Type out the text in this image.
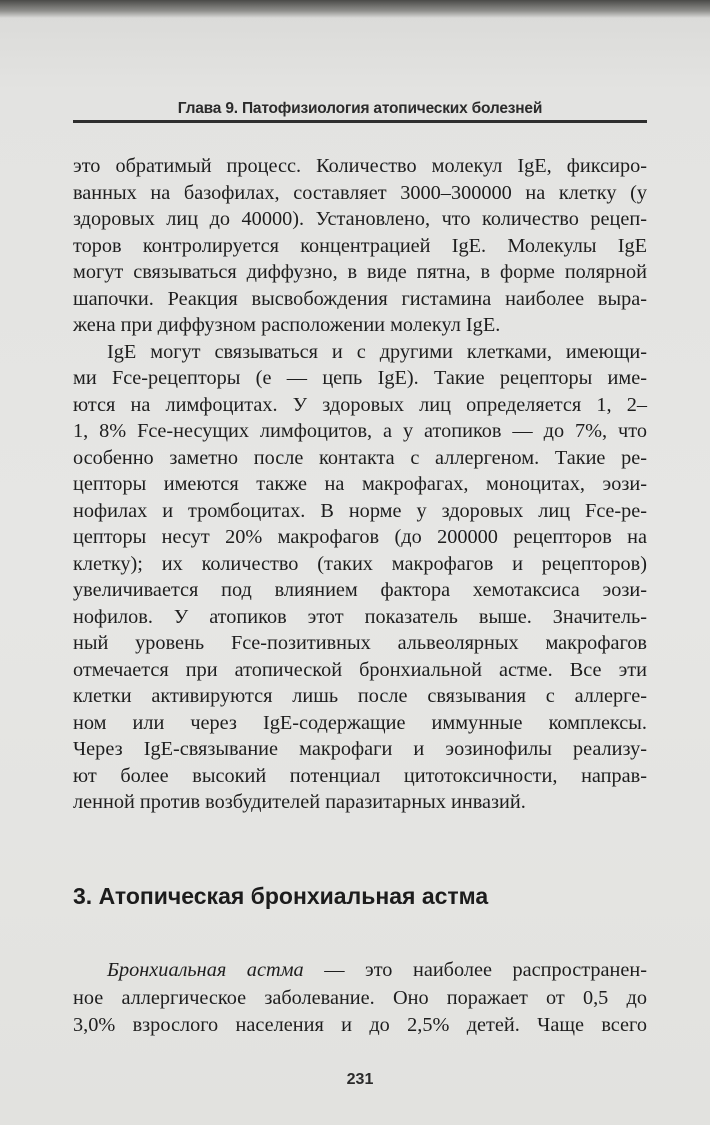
Глава 9. Патофизиология атопических болезней
это обратимый процесс. Количество молекул IgE, фиксиро-
ванных на базофилах, составляет 3000–300000 на клетку (у
здоровых лиц до 40000). Установлено, что количество рецеп-
торов контролируется концентрацией IgE. Молекулы IgE
могут связываться диффузно, в виде пятна, в форме полярной
шапочки. Реакция высвобождения гистамина наиболее выра-
жена при диффузном расположении молекул IgE.
IgE могут связываться и с другими клетками, имеющи-
ми Fcе-рецепторы (е — цепь IgE). Такие рецепторы име-
ются на лимфоцитах. У здоровых лиц определяется 1, 2–
1, 8% Fcе-несущих лимфоцитов, а у атопиков — до 7%, что
особенно заметно после контакта с аллергеном. Такие ре-
цепторы имеются также на макрофагах, моноцитах, эози-
нофилах и тромбоцитах. В норме у здоровых лиц Fcе-ре-
цепторы несут 20% макрофагов (до 200000 рецепторов на
клетку); их количество (таких макрофагов и рецепторов)
увеличивается под влиянием фактора хемотаксиса эози-
нофилов. У атопиков этот показатель выше. Значитель-
ный уровень Fcе-позитивных альвеолярных макрофагов
отмечается при атопической бронхиальной астме. Все эти
клетки активируются лишь после связывания с аллерге-
ном или через IgE-содержащие иммунные комплексы.
Через IgE-связывание макрофаги и эозинофилы реализу-
ют более высокий потенциал цитотоксичности, направ-
ленной против возбудителей паразитарных инвазий.
3. Атопическая бронхиальная астма
Бронхиальная астма — это наиболее распространен-
ное аллергическое заболевание. Оно поражает от 0,5 до
3,0% взрослого населения и до 2,5% детей. Чаще всего
231
